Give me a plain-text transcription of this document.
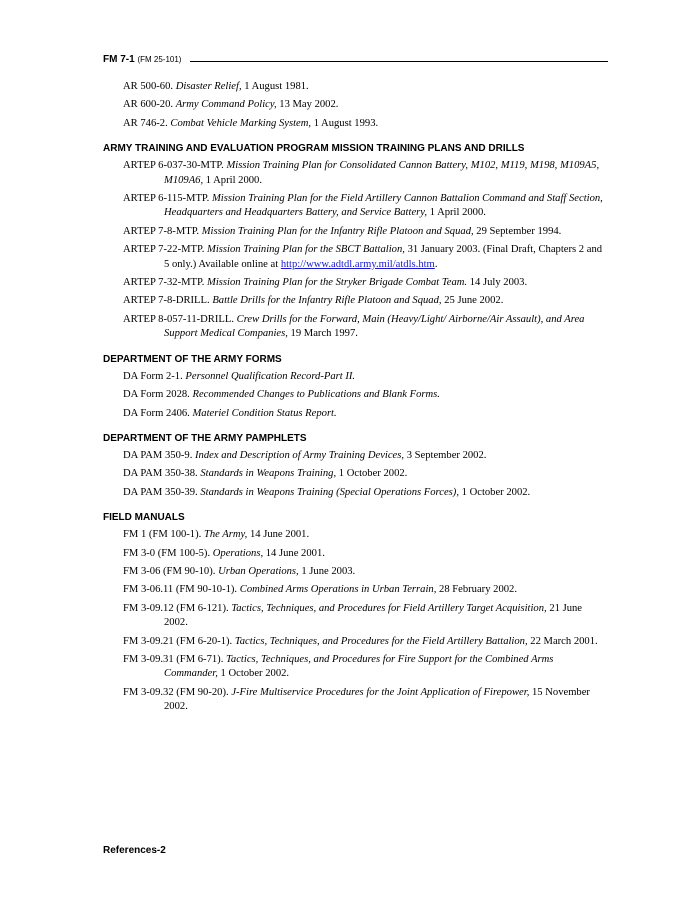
FM 7-1 (FM 25-101)
AR 500-60. Disaster Relief, 1 August 1981.
AR 600-20. Army Command Policy, 13 May 2002.
AR 746-2. Combat Vehicle Marking System, 1 August 1993.
ARMY TRAINING AND EVALUATION PROGRAM MISSION TRAINING PLANS AND DRILLS
ARTEP 6-037-30-MTP. Mission Training Plan for Consolidated Cannon Battery, M102, M119, M198, M109A5, M109A6, 1 April 2000.
ARTEP 6-115-MTP. Mission Training Plan for the Field Artillery Cannon Battalion Command and Staff Section, Headquarters and Headquarters Battery, and Service Battery, 1 April 2000.
ARTEP 7-8-MTP. Mission Training Plan for the Infantry Rifle Platoon and Squad, 29 September 1994.
ARTEP 7-22-MTP. Mission Training Plan for the SBCT Battalion, 31 January 2003. (Final Draft, Chapters 2 and 5 only.) Available online at http://www.adtdl.army.mil/atdls.htm.
ARTEP 7-32-MTP. Mission Training Plan for the Stryker Brigade Combat Team. 14 July 2003.
ARTEP 7-8-DRILL. Battle Drills for the Infantry Rifle Platoon and Squad, 25 June 2002.
ARTEP 8-057-11-DRILL. Crew Drills for the Forward, Main (Heavy/Light/ Airborne/Air Assault), and Area Support Medical Companies, 19 March 1997.
DEPARTMENT OF THE ARMY FORMS
DA Form 2-1. Personnel Qualification Record-Part II.
DA Form 2028. Recommended Changes to Publications and Blank Forms.
DA Form 2406. Materiel Condition Status Report.
DEPARTMENT OF THE ARMY PAMPHLETS
DA PAM 350-9. Index and Description of Army Training Devices, 3 September 2002.
DA PAM 350-38. Standards in Weapons Training, 1 October 2002.
DA PAM 350-39. Standards in Weapons Training (Special Operations Forces), 1 October 2002.
FIELD MANUALS
FM 1 (FM 100-1). The Army, 14 June 2001.
FM 3-0 (FM 100-5). Operations, 14 June 2001.
FM 3-06 (FM 90-10). Urban Operations, 1 June 2003.
FM 3-06.11 (FM 90-10-1). Combined Arms Operations in Urban Terrain, 28 February 2002.
FM 3-09.12 (FM 6-121). Tactics, Techniques, and Procedures for Field Artillery Target Acquisition, 21 June 2002.
FM 3-09.21 (FM 6-20-1). Tactics, Techniques, and Procedures for the Field Artillery Battalion, 22 March 2001.
FM 3-09.31 (FM 6-71). Tactics, Techniques, and Procedures for Fire Support for the Combined Arms Commander, 1 October 2002.
FM 3-09.32 (FM 90-20). J-Fire Multiservice Procedures for the Joint Application of Firepower, 15 November 2002.
References-2
